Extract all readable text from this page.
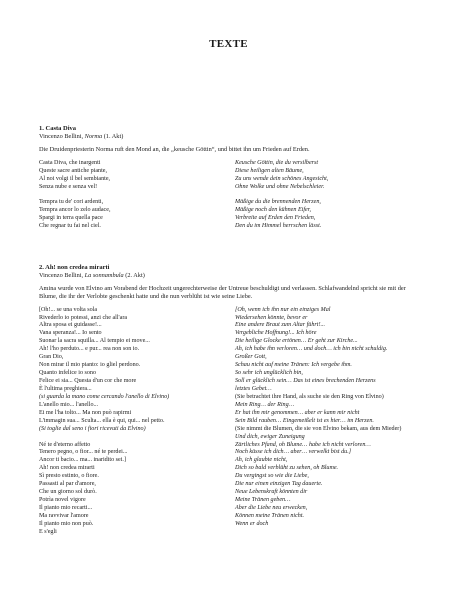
TEXTE
1. Casta Diva
Vincenzo Bellini, Norma (1. Akt)
Die Druidenpriesterin Norma ruft den Mond an, die „keusche Göttin“, und bittet ihn um Frieden auf Erden.
Casta Diva, che inargenti
Queste sacre antiche piante,
Al noi volgi il bel sembiante,
Senza nube e senza vel!
Tempra tu de' cori ardenti,
Tempra ancor lo zelo audace,
Spargi in terra quella pace
Che regnar tu fai nel ciel.
Keusche Göttin, die du versilberst
Diese heiligen alten Bäume,
Zu uns wende dein schönes Angesicht,
Ohne Wolke und ohne Nebelschleier.
Mäßige du die brennenden Herzen,
Mäßige noch den kühnen Eifer,
Verbreite auf Erden den Frieden,
Den du im Himmel herrschen lässt.
2. Ah! non credea mirarti
Vincenzo Bellini, La sonnambula (2. Akt)
Amina wurde von Elvino am Vorabend der Hochzeit ungerechterweise der Untreue beschuldigt und verlassen. Schlafwandelnd spricht sie mit der Blume, die ihr der Verlobte geschenkt hatte und die nun verblüht ist wie seine Liebe.
[Oh!... se una volta sola
Rivederlo io potessi, anzi che all'ara
Altra sposa ei guidasse!...
Vana speranza!... Io sento
Suonar la sacra squilla... Al tempio ei move...
Ah! l'ho perduto... e pur... rea non son io.
Gran Dio,
Non mirar il mio pianto: io gliel perdono.
Quanto infelice io sono
Felice ei sia... Questa d'un cor che more
È l'ultima preghiera...
(si guarda la mano come cercando l'anello di Elvino)
L'anello mio... l'anello...
Ei me l'ha tolto... Ma non può rapirmi
L'immagin sua... Sculta... ella è qui, qui... nel petto.
(Si toglie dal seno i fiori ricevuti da Elvino)
Né te d'eterno affetto
Tenero pegno, o fior... né te perdei...
Ancor ti bacio... ma... inaridito sei.]
Ah! non credea mirarti
Sì presto estinto, o fiore.
Passasti al par d'amore,
Che un giorno sol durò.
Potrìa novel vigore
Il pianto mio recarti...
Ma ravvivar l'amore
Il pianto mio non può.
E s'egli
[Oh, wenn ich ihn nur ein einziges Mal
Wiedersehen könnte, bevor er
Eine andere Braut zum Altar führt!...
Vergebliche Hoffnung!... Ich höre
Die heilige Glocke ertönen… Er geht zur Kirche...
Ah, ich habe ihn verloren… und doch… ich bin nicht schuldig.
Großer Gott,
Schau nicht auf meine Tränen: Ich vergebe ihm.
So sehr ich unglücklich bin,
Soll er glücklich sein… Das ist eines brechenden Herzens
letztes Gebet…
(Sie betrachtet ihre Hand, als suche sie den Ring von Elvino)
Mein Ring… der Ring…
Er hat ihn mir genommen… aber er kann mir nicht
Sein Bild rauben… Eingemeißelt ist es hier… im Herzen.
(Sie nimmt die Blumen, die sie von Elvino bekam, aus dem Mieder)
Und dich, ewiger Zuneigung
Zärtliches Pfand, oh Blume… habe ich nicht verloren…
Noch küsse ich dich… aber… verwelkt bist du.]
Ah, ich glaubte nicht,
Dich so bald verblüht zu sehen, oh Blume.
Du vergingst so wie die Liebe,
Die nur einen einzigen Tag dauerte.
Neue Lebenskraft könnten dir
Meine Tränen geben…
Aber die Liebe neu erwecken,
Können meine Tränen nicht.
Wenn er doch
